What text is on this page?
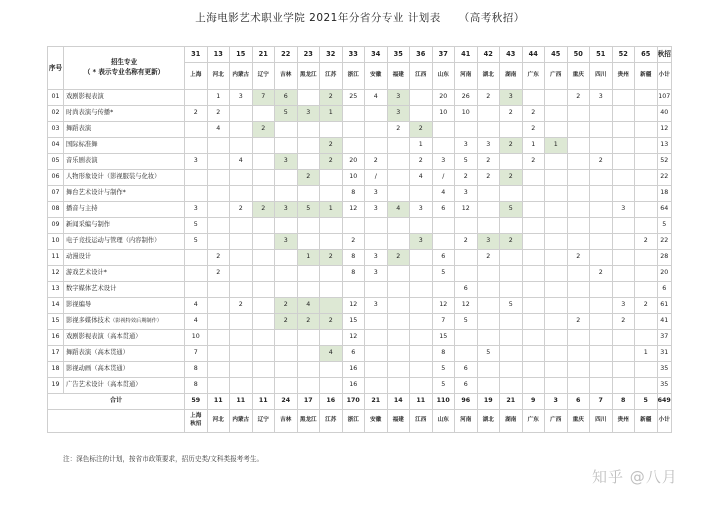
上海电影艺术职业学院 2021年分省分专业 计划表 （高考秋招）
序号	招生专业
（ * 表示专业名称有更新）	31	13	15	21	22	23	32	33	34	35	36	37	41	42	43	44	45	50	51	52	65	秋招
		上海	河北	内蒙古	辽宁	吉林	黑龙江	江苏	浙江	安徽	福建	江西	山东	河南	湖北	湖南	广东	广西	重庆	四川	贵州	新疆	小计
01	戏剧影视表演		1	3	7	6		2	25	4	3		20	26	2	3			2	3			107
02	时尚表演与传播*	2	2			5	3	1			3		10	10		2	2						40
03	舞蹈表演		4		2						2	2					2						12
04	国际标准舞							2				1		3	3	2	1	1					13
05	音乐剧表演	3		4		3		2	20	2		2	3	5	2		2			2			52
06	人物形象设计（影视服装与化妆）						2		10	/		4	/	2	2	2							22
07	舞台艺术设计与制作*								8	3			4	3									18
08	播音与主持	3		2	2	3	5	1	12	3	4	3	6	12		5					3		64
09	新闻采编与制作	5																					5
10	电子竞技运动与管理（内容制作）	5				3			2			3		2	3	2						2	22
11	动漫设计		2				1	2	8	3	2		6		2				2				28
12	游戏艺术设计*		2						8	3			5							2			20
13	数字媒体艺术设计													6									6
14	影视编导	4		2		2	4		12	3			12	12		5					3	2	61
15	影视多媒体技术（影视特效后期制作）	4				2	2	2	15				7	5					2		2		41
16	戏剧影视表演（高本贯通）	10							12				15										37
17	舞蹈表演（高本贯通）	7						4	6				8		5							1	31
18	影视动画（高本贯通）	8							16				5	6									35
19	广告艺术设计（高本贯通）	8							16				5	6									35
合计		59	11	11	11	24	17	16	170	21	14	11	110	96	19	21	9	3	6	7	8	5	649
		上海秋招	河北	内蒙古	辽宁	吉林	黑龙江	江苏	浙江	安徽	福建	江西	山东	河南	湖北	湖南	广东	广西	重庆	四川	贵州	新疆	小计
注：深色标注的计划，按省市政策要求，招历史类/文科类报考考生。
知乎 @八月
